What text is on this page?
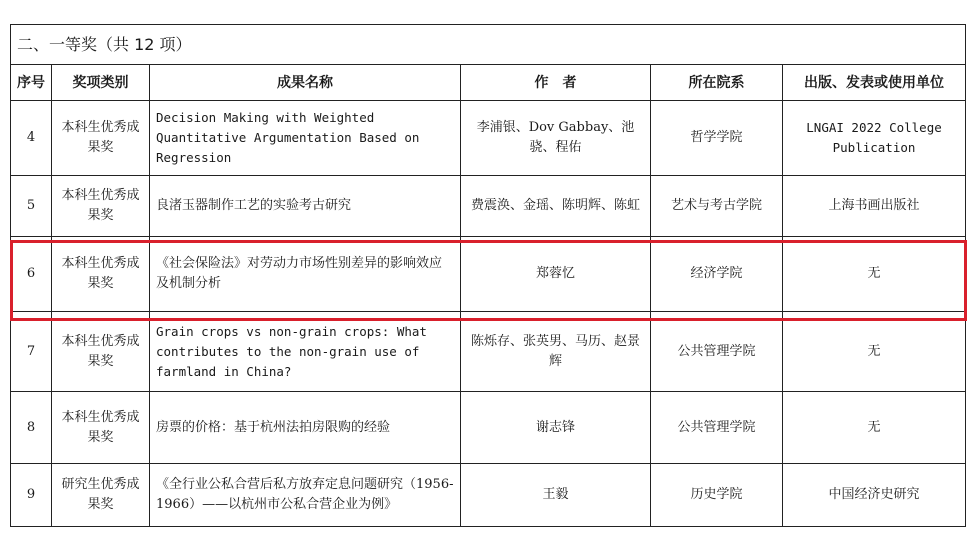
二、一等奖（共 12 项）					
序号	奖项类别	成果名称	作　者	所在院系	出版、发表或使用单位
4	本科生优秀成果奖	Decision Making with Weighted Quantitative Argumentation Based on Regression	李浦银、Dov Gabbay、池骁、程佑	哲学学院	LNGAI 2022 College Publication
5	本科生优秀成果奖	良渚玉器制作工艺的实验考古研究	费震涣、金瑶、陈明辉、陈虹	艺术与考古学院	上海书画出版社
6	本科生优秀成果奖	《社会保险法》对劳动力市场性别差异的影响效应及机制分析	郑蓉忆	经济学院	无
7	本科生优秀成果奖	Grain crops vs non-grain crops: What contributes to the non-grain use of farmland in China?	陈烁存、张英男、马历、赵景辉	公共管理学院	无
8	本科生优秀成果奖	房票的价格：基于杭州法拍房限购的经验	谢志锋	公共管理学院	无
9	研究生优秀成果奖	《全行业公私合营后私方放弃定息问题研究（1956-1966）——以杭州市公私合营企业为例》	王毅	历史学院	中国经济史研究
